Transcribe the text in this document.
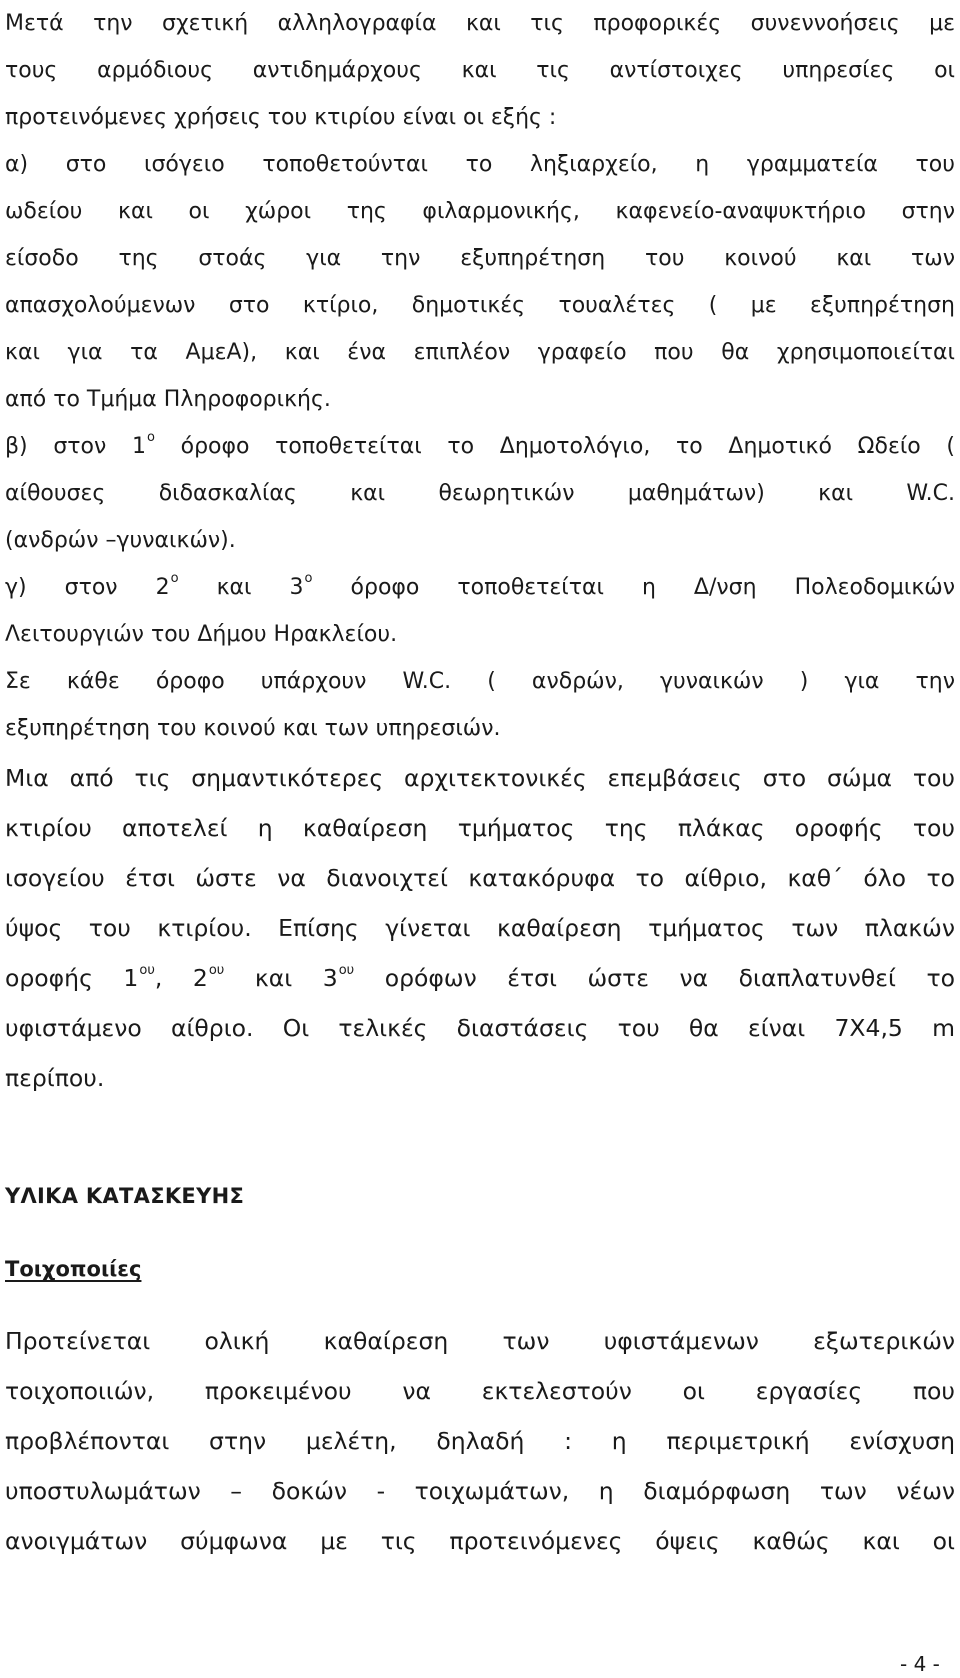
Μετά την σχετική αλληλογραφία και τις προφορικές συνεννοήσεις με
τους αρμόδιους αντιδημάρχους και τις αντίστοιχες υπηρεσίες οι
προτεινόμενες χρήσεις του κτιρίου είναι οι εξής :
α) στο ισόγειο τοποθετούνται το ληξιαρχείο, η γραμματεία του
ωδείου και οι χώροι της φιλαρμονικής, καφενείο-αναψυκτήριο στην
είσοδο της στοάς για την εξυπηρέτηση του κοινού και των
απασχολούμενων στο κτίριο, δημοτικές τουαλέτες ( με εξυπηρέτηση
και για τα ΑμεΑ), και ένα επιπλέον γραφείο που θα χρησιμοποιείται
από το Τμήμα Πληροφορικής.
β) στον $1^o$ όροφο τοποθετείται το Δημοτολόγιο, το Δημοτικό Ωδείο (
αίθουσες διδασκαλίας και θεωρητικών μαθημάτων) και W.C.
(ανδρών –γυναικών).
γ) στον $2^o$ και $3^o$ όροφο τοποθετείται η Δ/νση Πολεοδομικών
Λειτουργιών του Δήμου Ηρακλείου.
Σε κάθε όροφο υπάρχουν W.C. ( ανδρών, γυναικών ) για την
εξυπηρέτηση του κοινού και των υπηρεσιών.
Μια από τις σημαντικότερες αρχιτεκτονικές επεμβάσεις στο σώμα του
κτιρίου αποτελεί η καθαίρεση τμήματος της πλάκας οροφής του
ισογείου έτσι ώστε να διανοιχτεί κατακόρυφα το αίθριο, καθ΄ όλο το
ύψος του κτιρίου. Επίσης γίνεται καθαίρεση τμήματος των πλακών
οροφής $1^{o\upsilon}$, $2^{o\upsilon}$ και $3^{o\upsilon}$ ορόφων έτσι ώστε να διαπλατυνθεί το
υφιστάμενο αίθριο. Οι τελικές διαστάσεις του θα είναι 7Χ4,5 m
περίπου.
ΥΛΙΚΑ ΚΑΤΑΣΚΕΥΗΣ
Τοιχοποιίες
Προτείνεται ολική καθαίρεση των υφιστάμενων εξωτερικών
τοιχοποιιών, προκειμένου να εκτελεστούν οι εργασίες που
προβλέπονται στην μελέτη, δηλαδή : η περιμετρική ενίσχυση
υποστυλωμάτων – δοκών - τοιχωμάτων, η διαμόρφωση των νέων
ανοιγμάτων σύμφωνα με τις προτεινόμενες όψεις καθώς και οι
- 4 -
